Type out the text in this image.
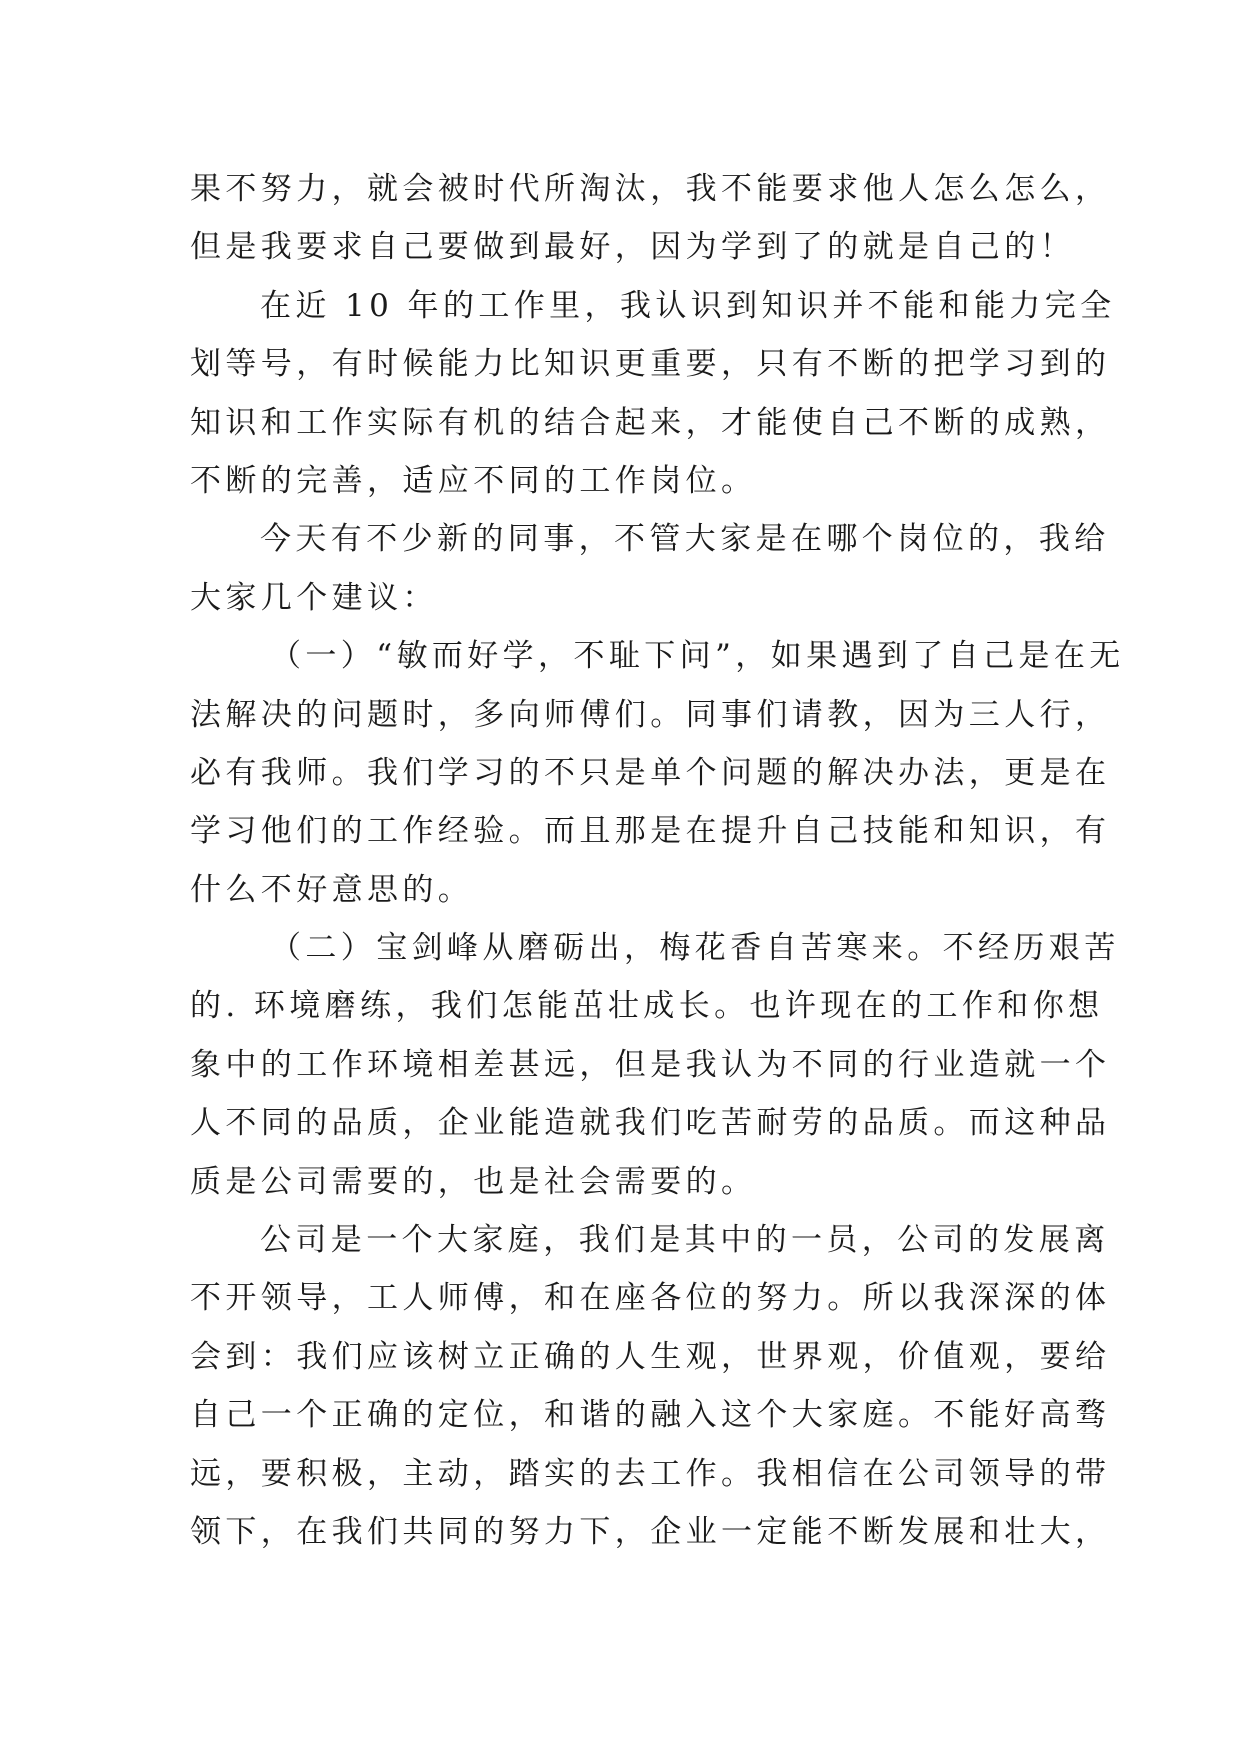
果不努力，就会被时代所淘汰，我不能要求他人怎么怎么，
但是我要求自己要做到最好，因为学到了的就是自己的！
在近 10 年的工作里，我认识到知识并不能和能力完全
划等号，有时候能力比知识更重要，只有不断的把学习到的
知识和工作实际有机的结合起来，才能使自己不断的成熟，
不断的完善，适应不同的工作岗位。
今天有不少新的同事，不管大家是在哪个岗位的，我给
大家几个建议：
（一）“敏而好学，不耻下问”，如果遇到了自己是在无
法解决的问题时，多向师傅们。同事们请教，因为三人行，
必有我师。我们学习的不只是单个问题的解决办法，更是在
学习他们的工作经验。而且那是在提升自己技能和知识，有
什么不好意思的。
（二）宝剑峰从磨砺出，梅花香自苦寒来。不经历艰苦
的. 环境磨练，我们怎能茁壮成长。也许现在的工作和你想
象中的工作环境相差甚远，但是我认为不同的行业造就一个
人不同的品质，企业能造就我们吃苦耐劳的品质。而这种品
质是公司需要的，也是社会需要的。
公司是一个大家庭，我们是其中的一员，公司的发展离
不开领导，工人师傅，和在座各位的努力。所以我深深的体
会到：我们应该树立正确的人生观，世界观，价值观，要给
自己一个正确的定位，和谐的融入这个大家庭。不能好高骛
远，要积极，主动，踏实的去工作。我相信在公司领导的带
领下，在我们共同的努力下，企业一定能不断发展和壮大，
